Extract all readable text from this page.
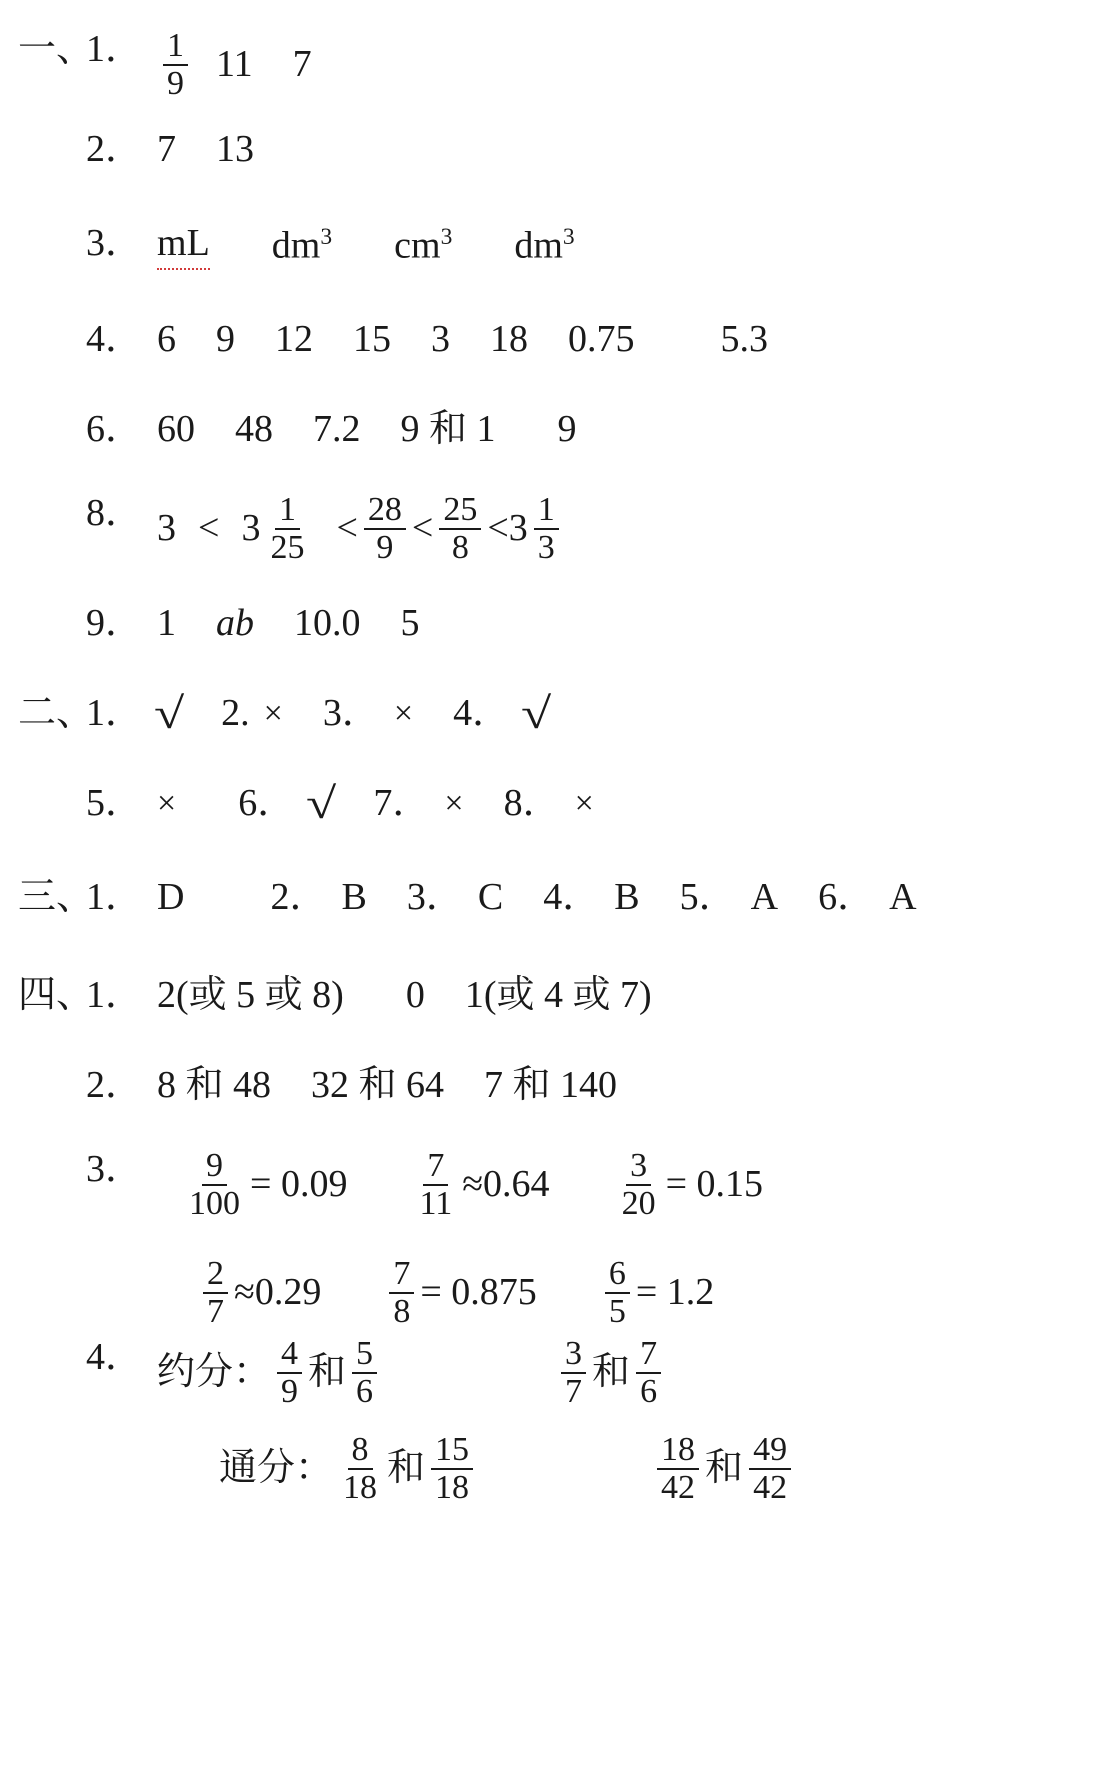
一、
1． $\frac{1}{9} 11$ 7
2． 7 13
3． mL $dm^3$ $cm^3$ $dm^3$
4． 6 9 12 15 3 18 0.75 5.3
6． 60 48 7.2 9 和 1 9
8． $3 < 3 \frac{1}{25} < \frac{28}{9} < \frac{25}{8} < 3 \frac{1}{3}$
9． 1 ab 10.0 5
二、
1． √ 2. × 3． × 4． √
5． × 6． √ 7． × 8． ×
三、
1． D 2． B 3． C 4． B 5． A 6． A
四、
1． 2(或 5 或 8) 0 1(或 4 或 7)
2． 8 和 48 32 和 64 7 和 140
3． $\frac{9}{100} = 0.09 \frac{7}{11} \approx 0.64 \frac{3}{20} = 0.15$
$\frac{2}{7} \approx 0.29 \frac{7}{8} = 0.875 \frac{6}{5} = 1.2$
4． 约分： $\frac{4}{9}$ 和 $\frac{5}{6}$	$\frac{3}{7}$ 和 $\frac{7}{6}$
通分： $\frac{8}{18}$ 和 $\frac{15}{18}$	$\frac{18}{42}$ 和 $\frac{49}{42}$
